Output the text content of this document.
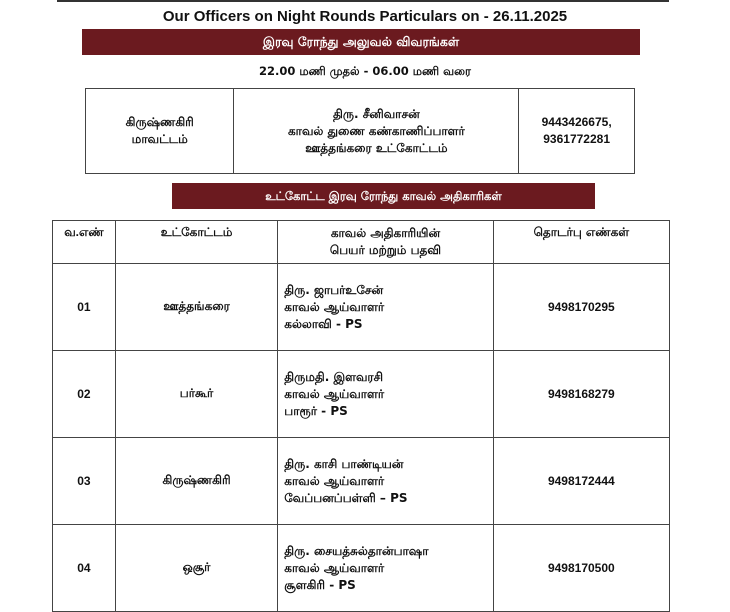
Our Officers on Night Rounds Particulars on - 26.11.2025
இரவு ரோந்து அலுவல் விவரங்கள்
22.00 மணி முதல் - 06.00 மணி வரை
கிருஷ்ணகிரி
மாவட்டம்

திரு. சீனிவாசன்
காவல் துணை கண்காணிப்பாளர்
ஊத்தங்கரை உட்கோட்டம்

9443426675,
9361772281
உட்கோட்ட இரவு ரோந்து காவல் அதிகாரிகள்
வ.எண்	உட்கோட்டம்	காவல் அதிகாரியின்
பெயர் மற்றும் பதவி	தொடர்பு எண்கள்
01	ஊத்தங்கரை	திரு. ஜாபர்உசேன்
காவல் ஆய்வாளர்
கல்லாவி - PS	9498170295
02	பர்கூர்	திருமதி. இளவரசி
காவல் ஆய்வாளர்
பாரூர் - PS	9498168279
03	கிருஷ்ணகிரி	திரு. காசி பாண்டியன்
காவல் ஆய்வாளர்
வேப்பனப்பள்ளி – PS	9498172444
04	ஒசூர்	திரு. சையத்சுல்தான்பாஷா
காவல் ஆய்வாளர்
சூளகிரி - PS	9498170500
